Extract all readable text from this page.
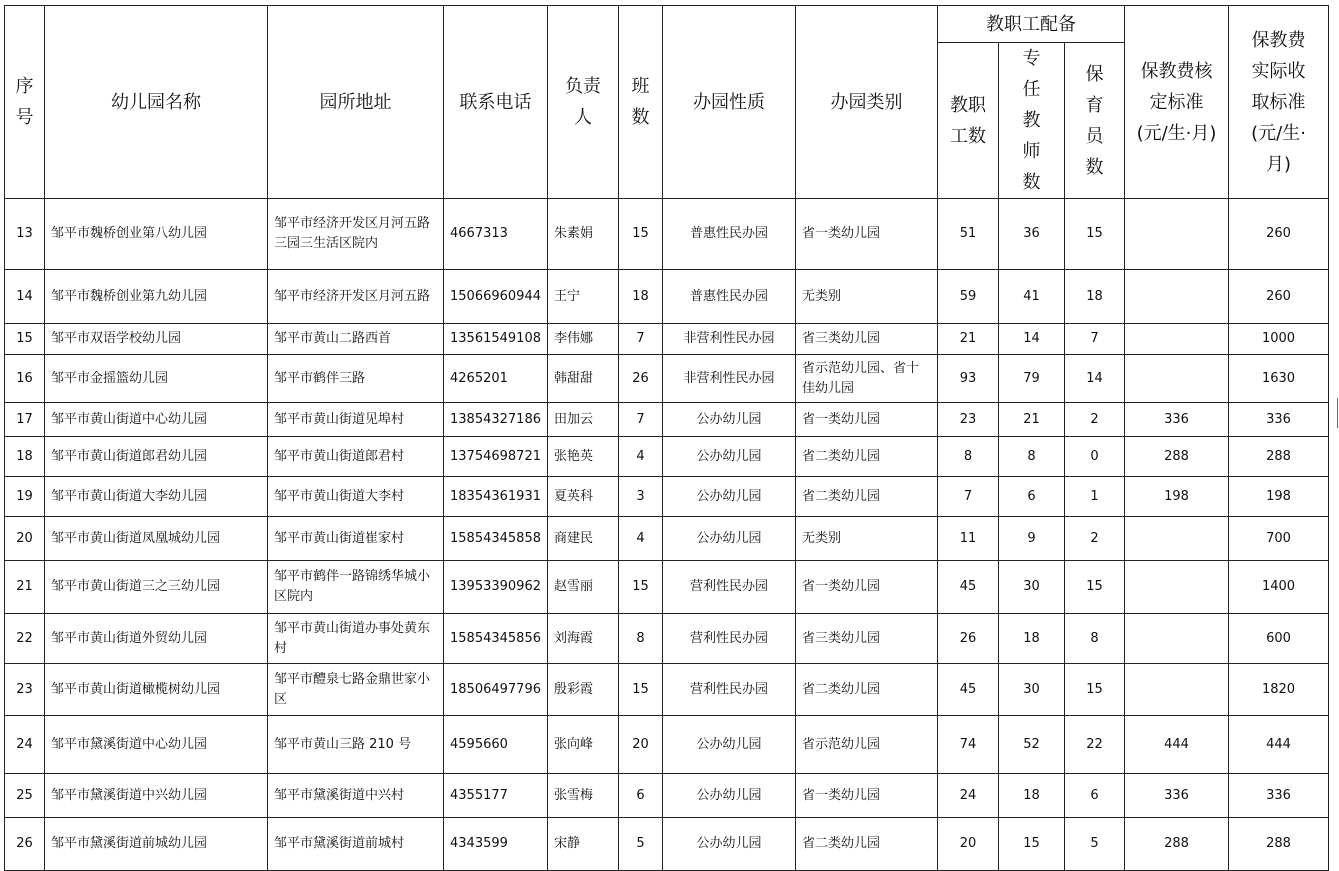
序号	幼儿园名称	园所地址	联系电话	负责人	班数	办园性质	办园类别	教职工配备			保教费核定标准(元/生·月)	保教费实际收取标准(元/生·月)
								教职工数	专任教师数	保育员数		
13	邹平市魏桥创业第八幼儿园	邹平市经济开发区月河五路三园三生活区院内	4667313	朱素娟	15	普惠性民办园	省一类幼儿园	51	36	15		260
14	邹平市魏桥创业第九幼儿园	邹平市经济开发区月河五路	15066960944	王宁	18	普惠性民办园	无类别	59	41	18		260
15	邹平市双语学校幼儿园	邹平市黄山二路西首	13561549108	李伟娜	7	非营利性民办园	省三类幼儿园	21	14	7		1000
16	邹平市金摇篮幼儿园	邹平市鹤伴三路	4265201	韩甜甜	26	非营利性民办园	省示范幼儿园、省十佳幼儿园	93	79	14		1630
17	邹平市黄山街道中心幼儿园	邹平市黄山街道见埠村	13854327186	田加云	7	公办幼儿园	省一类幼儿园	23	21	2	336	336
18	邹平市黄山街道郎君幼儿园	邹平市黄山街道郎君村	13754698721	张艳英	4	公办幼儿园	省二类幼儿园	8	8	0	288	288
19	邹平市黄山街道大李幼儿园	邹平市黄山街道大李村	18354361931	夏英科	3	公办幼儿园	省二类幼儿园	7	6	1	198	198
20	邹平市黄山街道凤凰城幼儿园	邹平市黄山街道崔家村	15854345858	商建民	4	公办幼儿园	无类别	11	9	2		700
21	邹平市黄山街道三之三幼儿园	邹平市鹤伴一路锦绣华城小区院内	13953390962	赵雪丽	15	营利性民办园	省一类幼儿园	45	30	15		1400
22	邹平市黄山街道外贸幼儿园	邹平市黄山街道办事处黄东村	15854345856	刘海霞	8	营利性民办园	省三类幼儿园	26	18	8		600
23	邹平市黄山街道橄榄树幼儿园	邹平市醴泉七路金鼎世家小区	18506497796	殷彩霞	15	营利性民办园	省二类幼儿园	45	30	15		1820
24	邹平市黛溪街道中心幼儿园	邹平市黄山三路 210 号	4595660	张向峰	20	公办幼儿园	省示范幼儿园	74	52	22	444	444
25	邹平市黛溪街道中兴幼儿园	邹平市黛溪街道中兴村	4355177	张雪梅	6	公办幼儿园	省一类幼儿园	24	18	6	336	336
26	邹平市黛溪街道前城幼儿园	邹平市黛溪街道前城村	4343599	宋静	5	公办幼儿园	省二类幼儿园	20	15	5	288	288
